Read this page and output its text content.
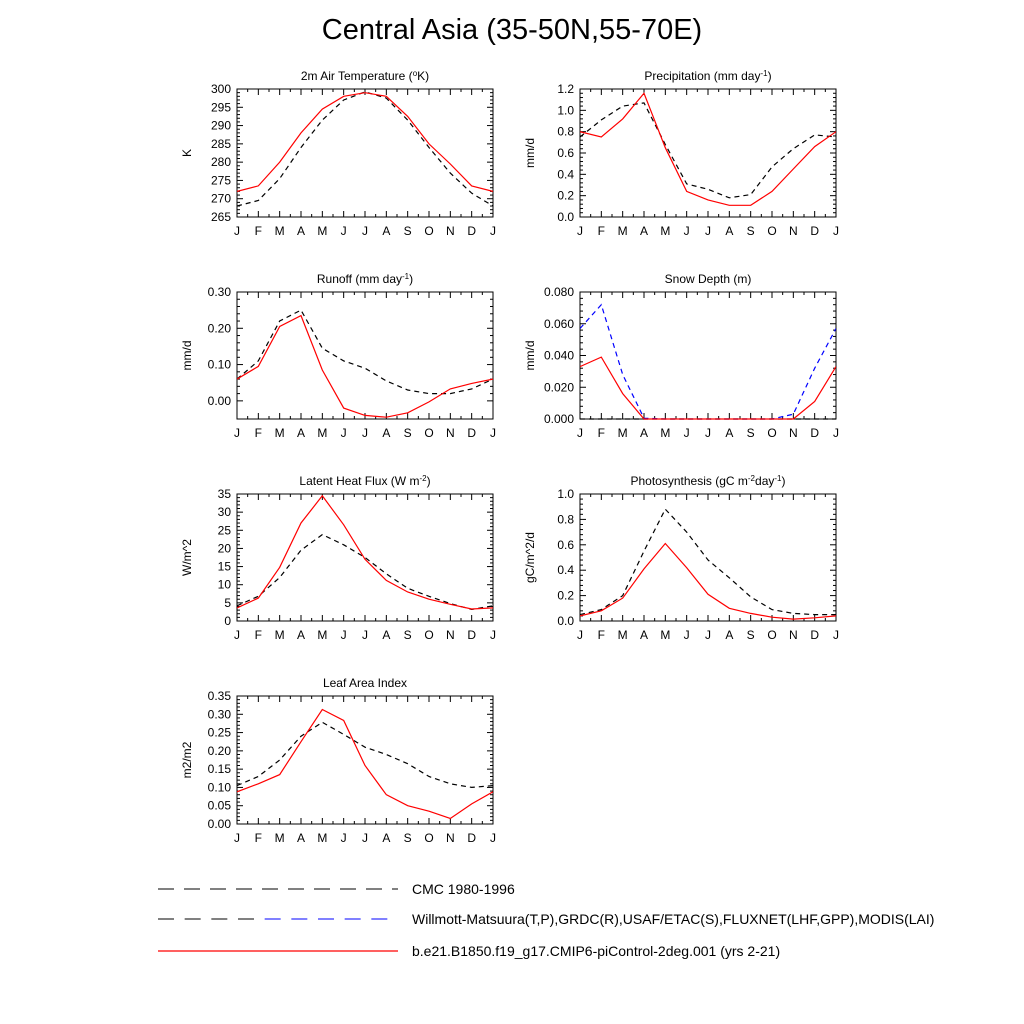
Central Asia (35-50N,55-70E)
2m Air Temperature ($^o$K)
J F M A M J J A S O N D J
265
270
275
280
285
290
295
300
K
Precipitation (mm day$^{-1}$)
J F M A M J J A S O N D J
0.0
0.2
0.4
0.6
0.8
1.0
1.2
mm/d
Runoff (mm day$^{-1}$)
J F M A M J J A S O N D J
0.00
0.10
0.20
0.30
mm/d
Snow Depth (m)
J F M A M J J A S O N D J
0.000
0.020
0.040
0.060
0.080
mm/d
Latent Heat Flux (W $m^{-2}$)
J F M A M J J A S O N D J
0
5
10
15
20
25
30
35
W/m^2
Photosynthesis (gC $m^{-2}day^{-1}$)
J F M A M J J A S O N D J
0.0
0.2
0.4
0.6
0.8
1.0
gC/m^2/d
Leaf Area Index
J F M A M J J A S O N D J
0.00
0.05
0.10
0.15
0.20
0.25
0.30
0.35
m2/m2
CMC 1980-1996
Willmott-Matsuura(T,P),GRDC(R),USAF/ETAC(S),FLUXNET(LHF,GPP),MODIS(LAI)
b.e21.B1850.f19_g17.CMIP6-piControl-2deg.001 (yrs 2-21)
